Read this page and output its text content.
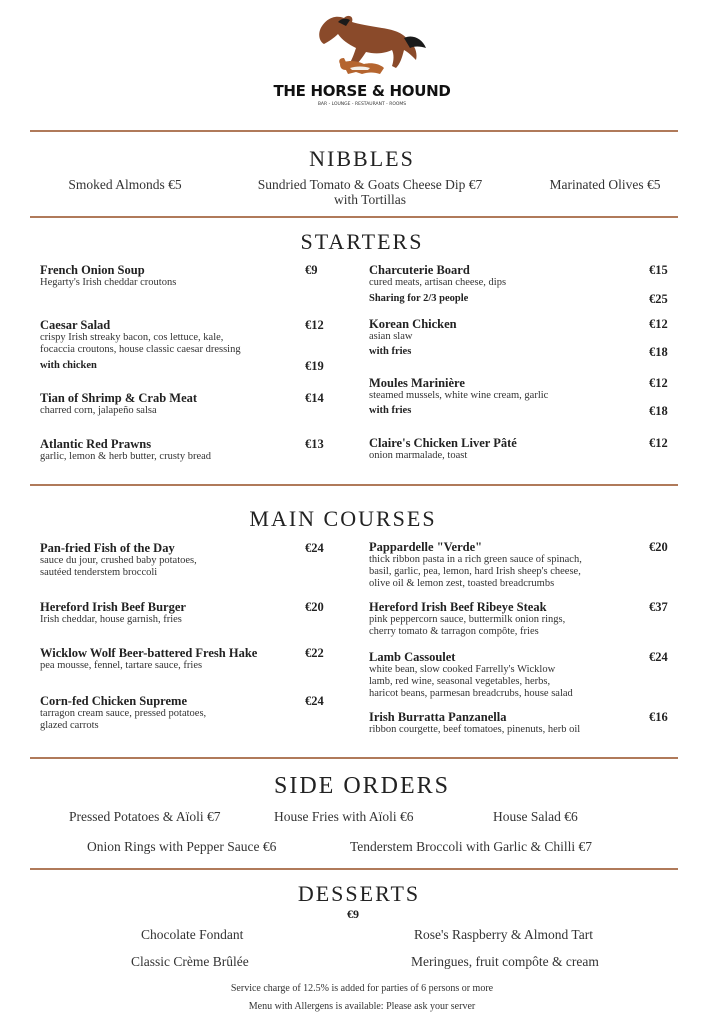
THE HORSE & HOUND
BAR - LOUNGE - RESTAURANT - ROOMS
NIBBLES
Smoked Almonds €5	Sundried Tomato & Goats Cheese Dip €7
with Tortillas
Marinated Olives €5
STARTERS
French Onion Soup
Hegarty's Irish cheddar croutons
€9
Caesar Salad
crispy Irish streaky bacon, cos lettuce, kale,
focaccia croutons, house classic caesar dressing
€12
with chicken	€19
Tian of Shrimp & Crab Meat
charred corn, jalapeño salsa
€14
Atlantic Red Prawns
garlic, lemon & herb butter, crusty bread
€13
Charcuterie Board
cured meats, artisan cheese, dips
€15
Sharing for 2/3 people	€25
Korean Chicken
asian slaw
€12
with fries	€18
Moules Marinière
steamed mussels, white wine cream, garlic
€12
with fries	€18
Claire's Chicken Liver Pâté
onion marmalade, toast
€12
MAIN COURSES
Pan-fried Fish of the Day
sauce du jour, crushed baby potatoes,
sautéed tenderstem broccoli
€24
Hereford Irish Beef Burger
Irish cheddar, house garnish, fries
€20
Wicklow Wolf Beer-battered Fresh Hake
pea mousse, fennel, tartare sauce, fries
€22
Corn-fed Chicken Supreme
tarragon cream sauce, pressed potatoes,
glazed carrots
€24
Pappardelle "Verde"
thick ribbon pasta in a rich green sauce of spinach,
basil, garlic, pea, lemon, hard Irish sheep's cheese,
olive oil & lemon zest, toasted breadcrumbs
€20
Hereford Irish Beef Ribeye Steak
pink peppercorn sauce, buttermilk onion rings,
cherry tomato & tarragon compôte, fries
€37
Lamb Cassoulet
white bean, slow cooked Farrelly's Wicklow
lamb, red wine, seasonal vegetables, herbs,
haricot beans, parmesan breadcrubs, house salad
€24
Irish Burratta Panzanella
ribbon courgette, beef tomatoes, pinenuts, herb oil
€16
SIDE ORDERS
Pressed Potatoes & Aïoli €7	House Fries with Aïoli €6	House Salad €6
Onion Rings with Pepper Sauce €6	Tenderstem Broccoli with Garlic & Chilli €7
DESSERTS
€9
Chocolate Fondant	Rose's Raspberry & Almond Tart
Classic Crème Brûlée	Meringues, fruit compôte & cream
Service charge of 12.5% is added for parties of 6 persons or more
Menu with Allergens is available: Please ask your server
